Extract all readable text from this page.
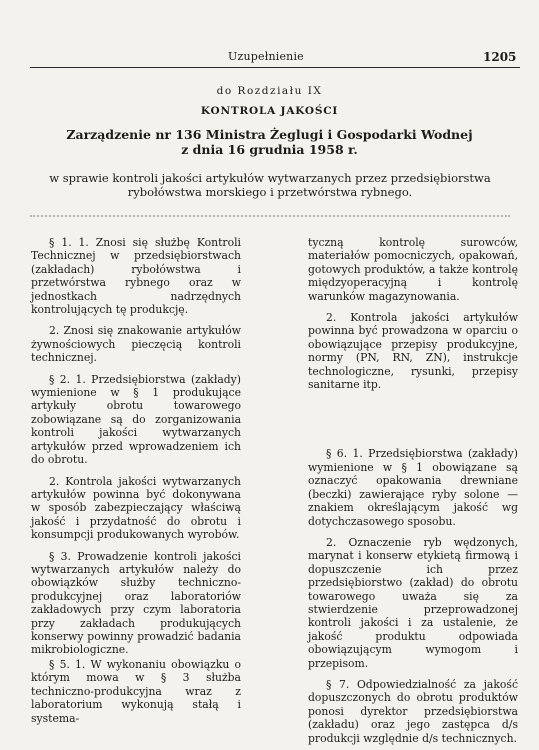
Uzupełnienie	1205
do Rozdziału IX
KONTROLA JAKOŚCI
Zarządzenie nr 136 Ministra Żeglugi i Gospodarki Wodnej
z dnia 16 grudnia 1958 r.
w sprawie kontroli jakości artykułów wytwarzanych przez przedsiębiorstwa rybołówstwa morskiego i przetwórstwa rybnego.

§ 1. 1. Znosi się służbę Kontroli Technicznej w przedsiębiorstwach (zakładach) rybołówstwa i przetwórstwa rybnego oraz w jednostkach nadrzędnych kontrolujących tę produkcję.

2. Znosi się znakowanie artykułów żywnościowych pieczęcią kontroli technicznej.

§ 2. 1. Przedsiębiorstwa (zakłady) wymienione w § 1 produkujące artykuły obrotu towarowego zobowiązane są do zorganizowania kontroli jakości wytwarzanych artykułów przed wprowadzeniem ich do obrotu.

2. Kontrola jakości wytwarzanych artykułów powinna być dokonywana w sposób zabezpieczający właściwą jakość i przydatność do obrotu i konsumpcji produkowanych wyrobów.

§ 3. Prowadzenie kontroli jakości wytwarzanych artykułów należy do obowiązków służby techniczno-produkcyjnej oraz laboratoriów zakładowych przy czym laboratoria przy zakładach produkujących konserwy powinny prowadzić badania mikrobiologiczne.

§ 5. 1. W wykonaniu obowiązku o którym mowa w § 3 służba techniczno-produkcyjna wraz z laboratorium wykonują stałą i systema-

tyczną kontrolę surowców, materiałów pomocniczych, opakowań, gotowych produktów, a także kontrolę międzyoperacyjną i kontrolę warunków magazynowania.

2. Kontrola jakości artykułów powinna być prowadzona w oparciu o obowiązujące przepisy produkcyjne, normy (PN, RN, ZN), instrukcje technologiczne, rysunki, przepisy sanitarne itp.

§ 6. 1. Przedsiębiorstwa (zakłady) wymienione w § 1 obowiązane są oznaczyć opakowania drewniane (beczki) zawierające ryby solone — znakiem określającym jakość wg dotychczasowego sposobu.

2. Oznaczenie ryb wędzonych, marynat i konserw etykietą firmową i dopuszczenie ich przez przedsiębiorstwo (zakład) do obrotu towarowego uważa się za stwierdzenie przeprowadzonej kontroli jakości i za ustalenie, że jakość produktu odpowiada obowiązującym wymogom i przepisom.

§ 7. Odpowiedzialność za jakość dopuszczonych do obrotu produktów ponosi dyrektor przedsiębiorstwa (zakładu) oraz jego zastępca d/s produkcji względnie d/s technicznych.
